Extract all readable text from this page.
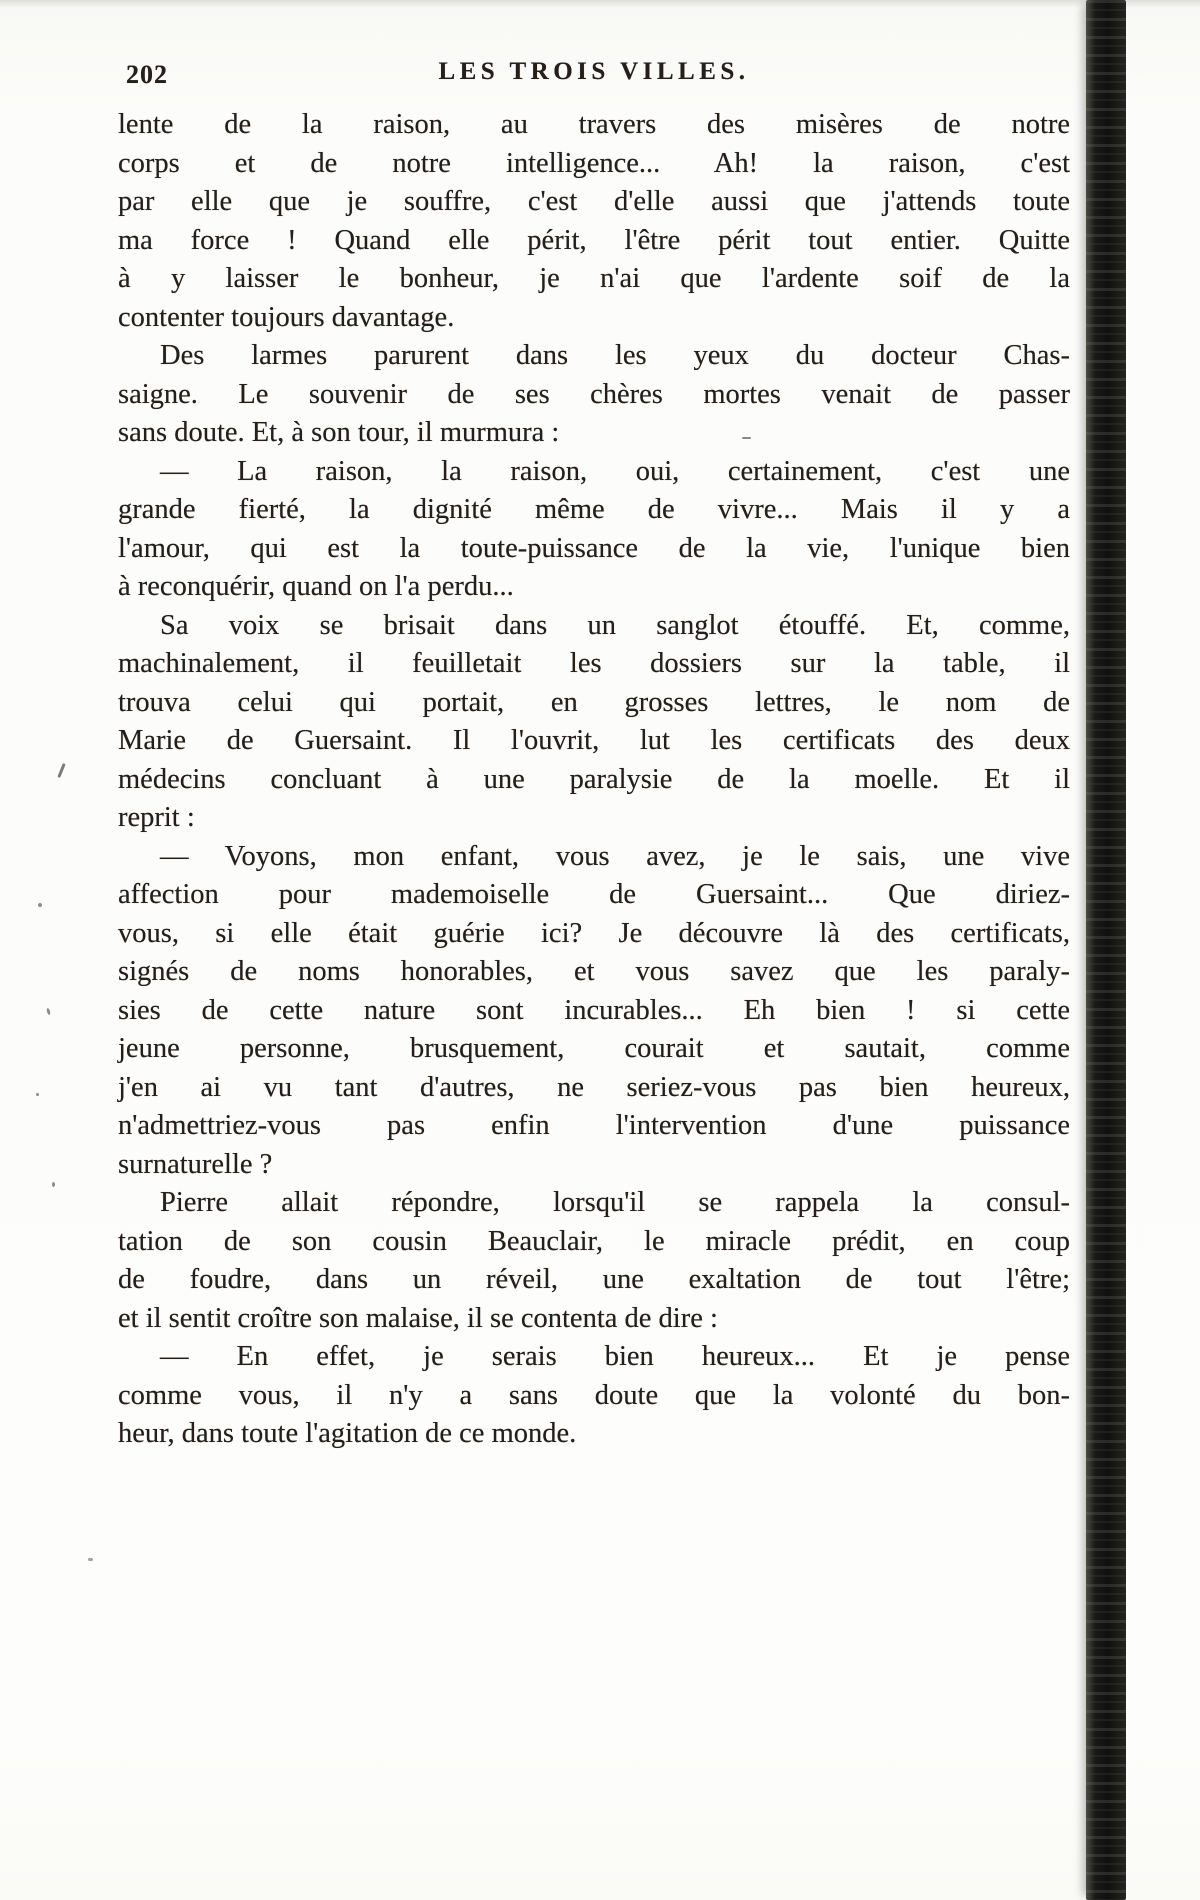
202	LES TROIS VILLES.
lente de la raison, au travers des misères de notre
corps et de notre intelligence... Ah! la raison, c'est
par elle que je souffre, c'est d'elle aussi que j'attends toute
ma force ! Quand elle périt, l'être périt tout entier. Quitte
à y laisser le bonheur, je n'ai que l'ardente soif de la
contenter toujours davantage.
Des larmes parurent dans les yeux du docteur Chas-
saigne. Le souvenir de ses chères mortes venait de passer
sans doute. Et, à son tour, il murmura :
— La raison, la raison, oui, certainement, c'est une
grande fierté, la dignité même de vivre... Mais il y a
l'amour, qui est la toute-puissance de la vie, l'unique bien
à reconquérir, quand on l'a perdu...
Sa voix se brisait dans un sanglot étouffé. Et, comme,
machinalement, il feuilletait les dossiers sur la table, il
trouva celui qui portait, en grosses lettres, le nom de
Marie de Guersaint. Il l'ouvrit, lut les certificats des deux
médecins concluant à une paralysie de la moelle. Et il
reprit :
— Voyons, mon enfant, vous avez, je le sais, une vive
affection pour mademoiselle de Guersaint... Que diriez-
vous, si elle était guérie ici? Je découvre là des certificats,
signés de noms honorables, et vous savez que les paraly-
sies de cette nature sont incurables... Eh bien ! si cette
jeune personne, brusquement, courait et sautait, comme
j'en ai vu tant d'autres, ne seriez-vous pas bien heureux,
n'admettriez-vous pas enfin l'intervention d'une puissance
surnaturelle ?
Pierre allait répondre, lorsqu'il se rappela la consul-
tation de son cousin Beauclair, le miracle prédit, en coup
de foudre, dans un réveil, une exaltation de tout l'être;
et il sentit croître son malaise, il se contenta de dire :
— En effet, je serais bien heureux... Et je pense
comme vous, il n'y a sans doute que la volonté du bon-
heur, dans toute l'agitation de ce monde.
